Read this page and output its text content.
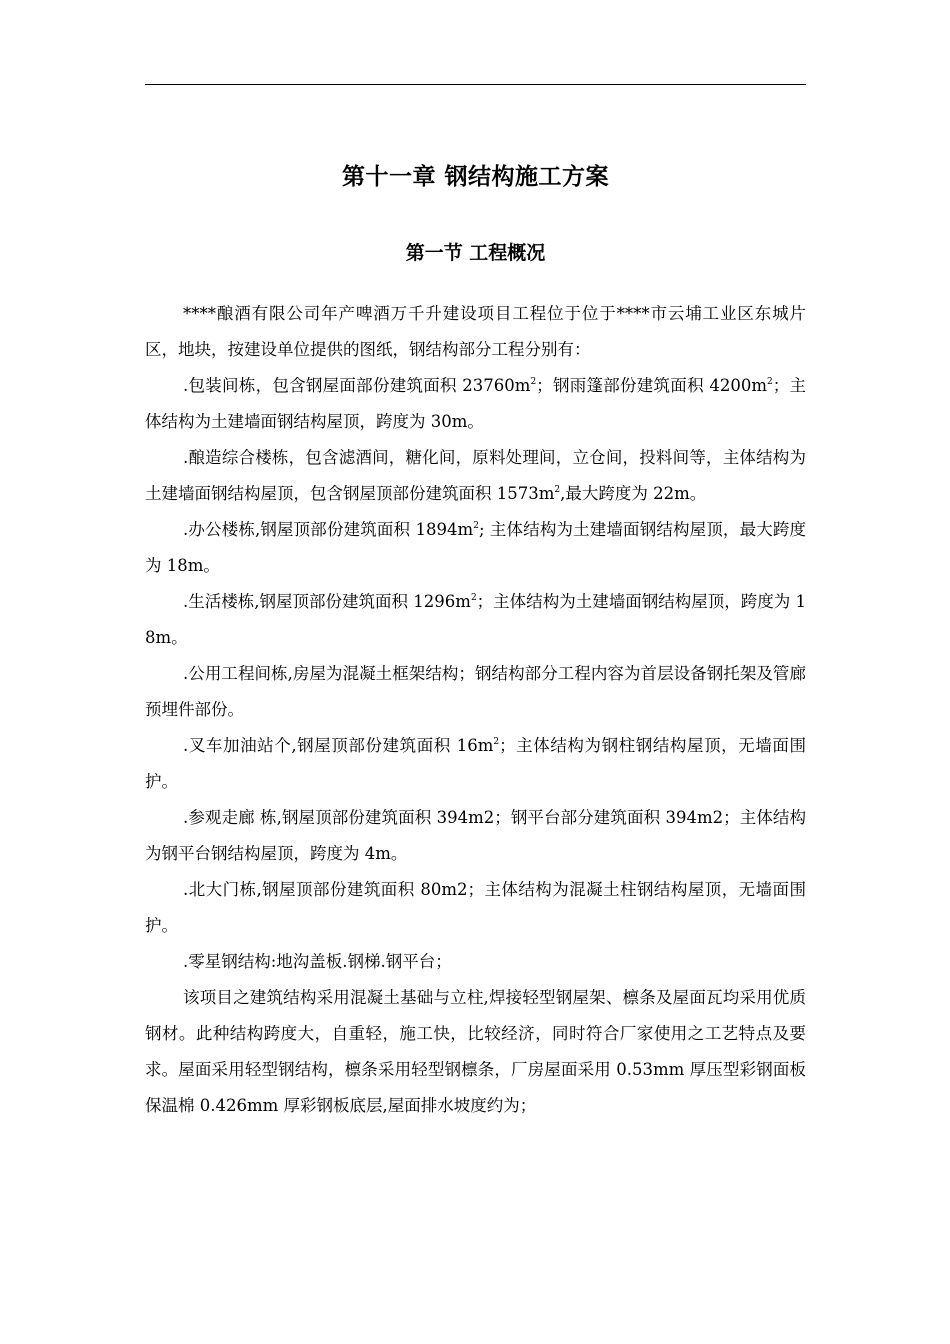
第十一章 钢结构施工方案
第一节 工程概况

****酿酒有限公司年产啤酒万千升建设项目工程位于位于****市云埔工业区东城片区，地块，按建设单位提供的图纸，钢结构部分工程分别有：

.包装间栋，包含钢屋面部份建筑面积 $23760m^2$；钢雨篷部份建筑面积 $4200m^2$；主体结构为土建墙面钢结构屋顶，跨度为 30m。

.酿造综合楼栋，包含滤酒间，糖化间，原料处理间，立仓间，投料间等，主体结构为土建墙面钢结构屋顶，包含钢屋顶部份建筑面积 $1573m^2$,最大跨度为 22m。

.办公楼栋,钢屋顶部份建筑面积 $1894m^2$; 主体结构为土建墙面钢结构屋顶，最大跨度为 18m。

.生活楼栋,钢屋顶部份建筑面积 $1296m^2$；主体结构为土建墙面钢结构屋顶，跨度为 18m。

.公用工程间栋,房屋为混凝土框架结构；钢结构部分工程内容为首层设备钢托架及管廊预埋件部份。

.叉车加油站个,钢屋顶部份建筑面积 $16m^2$；主体结构为钢柱钢结构屋顶，无墙面围护。

.参观走廊 栋,钢屋顶部份建筑面积 394m2；钢平台部分建筑面积 394m2；主体结构为钢平台钢结构屋顶，跨度为 4m。

.北大门栋,钢屋顶部份建筑面积 80m2；主体结构为混凝土柱钢结构屋顶，无墙面围护。

.零星钢结构:地沟盖板.钢梯.钢平台；

该项目之建筑结构采用混凝土基础与立柱,焊接轻型钢屋架、檩条及屋面瓦均采用优质钢材。此种结构跨度大，自重轻，施工快，比较经济，同时符合厂家使用之工艺特点及要求。屋面采用轻型钢结构，檩条采用轻型钢檩条，厂房屋面采用 0.53mm 厚压型彩钢面板保温棉 0.426mm 厚彩钢板底层,屋面排水坡度约为；
